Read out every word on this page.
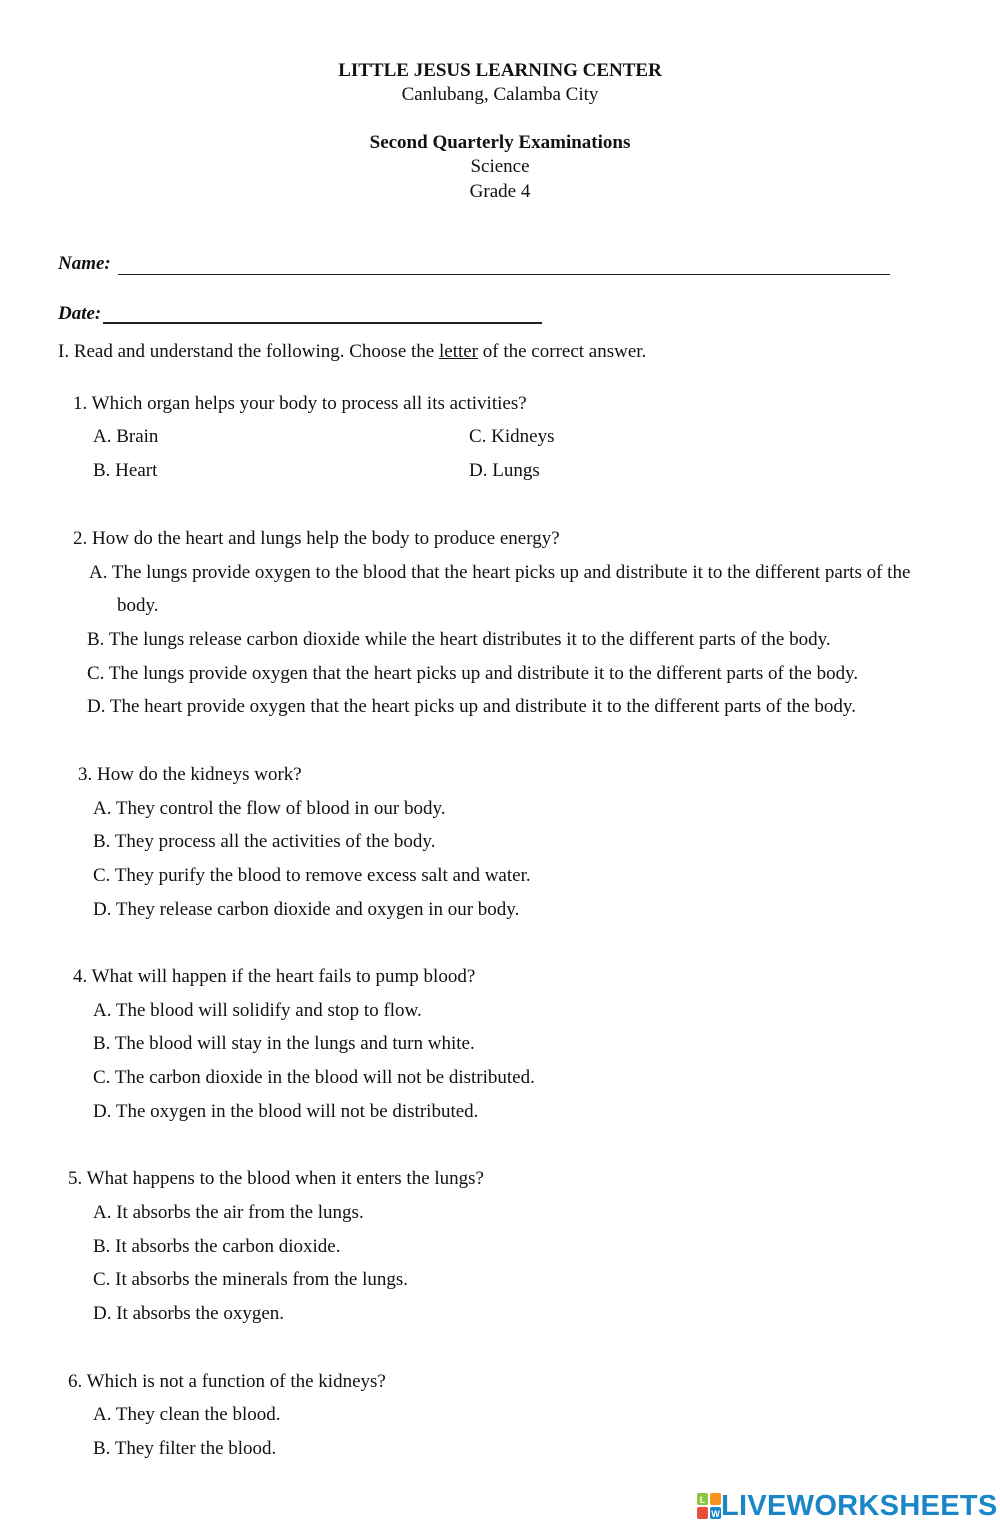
LITTLE JESUS LEARNING CENTER
Canlubang, Calamba City
Second Quarterly Examinations
Science
Grade 4
Name:
Date:
I. Read and understand the following. Choose the letter of the correct answer.
1. Which organ helps your body to process all its activities?
A. Brain
B. Heart
C. Kidneys
D. Lungs
2. How do the heart and lungs help the body to produce energy?
A. The lungs provide oxygen to the blood that the heart picks up and distribute it to the different parts of the
body.
B. The lungs release carbon dioxide while the heart distributes it to the different parts of the body.
C. The lungs provide oxygen that the heart picks up and distribute it to the different parts of the body.
D. The heart provide oxygen that the heart picks up and distribute it to the different parts of the body.
3. How do the kidneys work?
A. They control the flow of blood in our body.
B. They process all the activities of the body.
C. They purify the blood to remove excess salt and water.
D. They release carbon dioxide and oxygen in our body.
4. What will happen if the heart fails to pump blood?
A. The blood will solidify and stop to flow.
B. The blood will stay in the lungs and turn white.
C. The carbon dioxide in the blood will not be distributed.
D. The oxygen in the blood will not be distributed.
5. What happens to the blood when it enters the lungs?
A. It absorbs the air from the lungs.
B. It absorbs the carbon dioxide.
C. It absorbs the minerals from the lungs.
D. It absorbs the oxygen.
6. Which is not a function of the kidneys?
A. They clean the blood.
B. They filter the blood.
L
W LIVEWORKSHEETS
